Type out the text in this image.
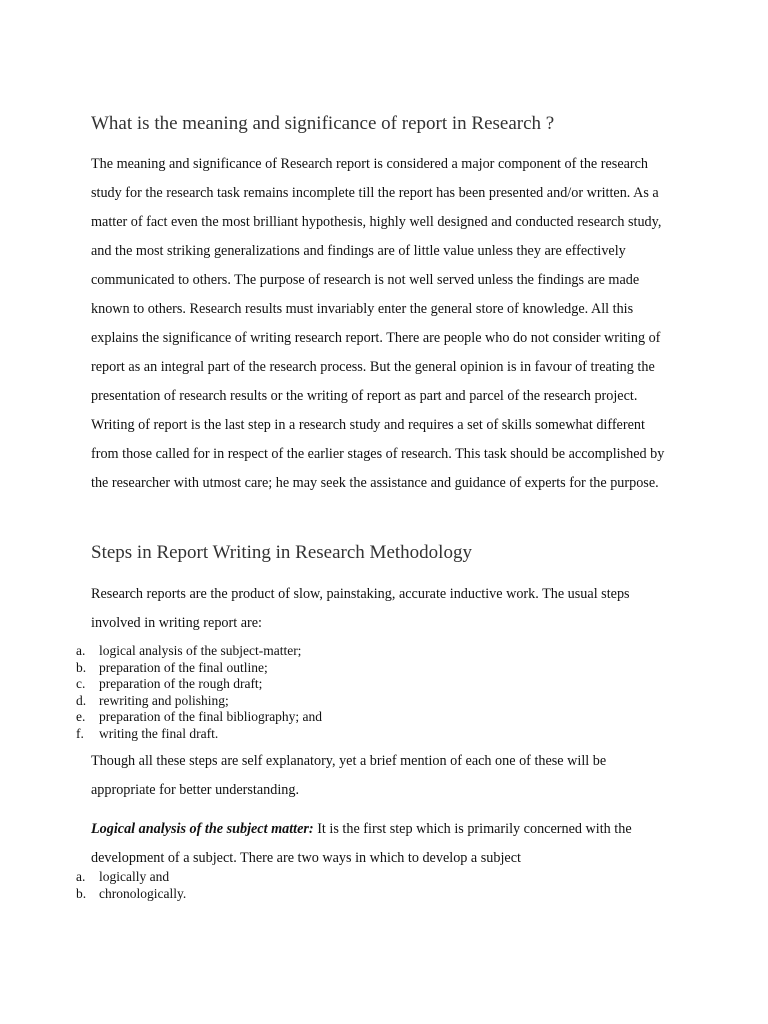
What is the meaning and significance of report in Research ?
The meaning and significance of Research report is considered a major component of the research
study for the research task remains incomplete till the report has been presented and/or written. As a
matter of fact even the most brilliant hypothesis, highly well designed and conducted research study,
and the most striking generalizations and findings are of little value unless they are effectively
communicated to others. The purpose of research is not well served unless the findings are made
known to others. Research results must invariably enter the general store of knowledge. All this
explains the significance of writing research report. There are people who do not consider writing of
report as an integral part of the research process. But the general opinion is in favour of treating the
presentation of research results or the writing of report as part and parcel of the research project.
Writing of report is the last step in a research study and requires a set of skills somewhat different
from those called for in respect of the earlier stages of research. This task should be accomplished by
the researcher with utmost care; he may seek the assistance and guidance of experts for the purpose.
Steps in Report Writing in Research Methodology
Research reports are the product of slow, painstaking, accurate inductive work. The usual steps
involved in writing report are:
a. logical analysis of the subject-matter;
b. preparation of the final outline;
c. preparation of the rough draft;
d. rewriting and polishing;
e. preparation of the final bibliography; and
f. writing the final draft.
Though all these steps are self explanatory, yet a brief mention of each one of these will be
appropriate for better understanding.
Logical analysis of the subject matter: It is the first step which is primarily concerned with the
development of a subject. There are two ways in which to develop a subject
a. logically and
b. chronologically.
